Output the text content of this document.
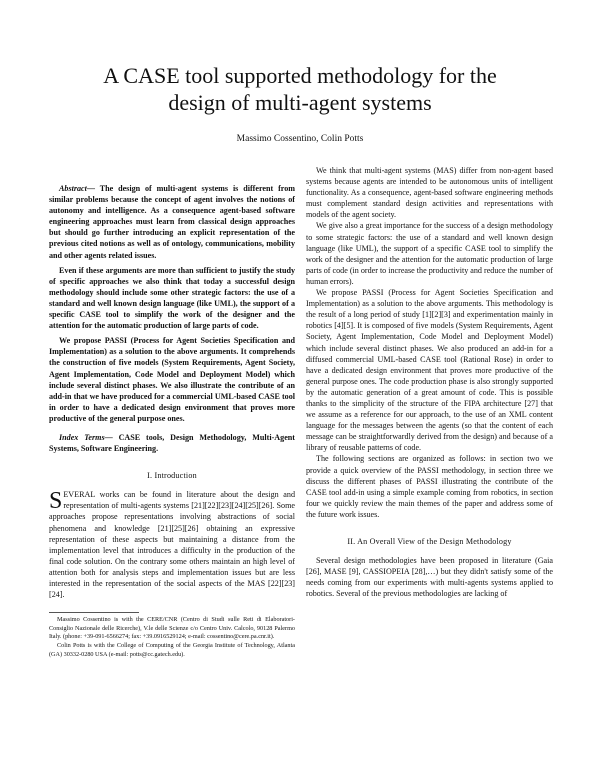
A CASE tool supported methodology for the
design of multi-agent systems
Massimo Cossentino, Colin Potts

Abstract— The design of multi-agent systems is different from similar problems because the concept of agent involves the notions of autonomy and intelligence. As a consequence agent-based software engineering approaches must learn from classical design approaches but should go further introducing an explicit representation of the previous cited notions as well as of ontology, communications, mobility and other agents related issues.

Even if these arguments are more than sufficient to justify the study of specific approaches we also think that today a successful design methodology should include some other strategic factors: the use of a standard and well known design language (like UML), the support of a specific CASE tool to simplify the work of the designer and the attention for the automatic production of large parts of code.

We propose PASSI (Process for Agent Societies Specification and Implementation) as a solution to the above arguments. It comprehends the construction of five models (System Requirements, Agent Society, Agent Implementation, Code Model and Deployment Model) which include several distinct phases. We also illustrate the contribute of an add-in that we have produced for a commercial UML-based CASE tool in order to have a dedicated design environment that proves more productive of the general purpose ones.

Index Terms— CASE tools, Design Methodology, Multi-Agent Systems, Software Engineering.

I. Introduction

SEVERAL works can be found in literature about the design and representation of multi-agents systems [21][22][23][24][25][26]. Some approaches propose representations involving abstractions of social phenomena and knowledge [21][25][26] obtaining an expressive representation of these aspects but maintaining a distance from the implementation level that introduces a difficulty in the production of the final code solution. On the contrary some others maintain an high level of attention both for analysis steps and implementation issues but are less interested in the representation of the social aspects of the MAS [22][23][24].

Massimo Cossentino is with the CERE/CNR (Centro di Studi sulle Reti di Elaboratori-Consiglio Nazionale delle Ricerche), V.le delle Scienze c/o Centro Univ. Calcolo, 90128 Palermo Italy. (phone: +39-091-6566274; fax: +39.0916529124; e-mail: cossentino@cere.pa.cnr.it).

Colin Potts is with the College of Computing of the Georgia Institute of Technology, Atlanta (GA) 30332-0280 USA (e-mail: potts@cc.gatech.edu).

We think that multi-agent systems (MAS) differ from non-agent based systems because agents are intended to be autonomous units of intelligent functionality. As a consequence, agent-based software engineering methods must complement standard design activities and representations with models of the agent society.

We give also a great importance for the success of a design methodology to some strategic factors: the use of a standard and well known design language (like UML), the support of a specific CASE tool to simplify the work of the designer and the attention for the automatic production of large parts of code (in order to increase the productivity and reduce the number of human errors).

We propose PASSI (Process for Agent Societies Specification and Implementation) as a solution to the above arguments. This methodology is the result of a long period of study [1][2][3] and experimentation mainly in robotics [4][5]. It is composed of five models (System Requirements, Agent Society, Agent Implementation, Code Model and Deployment Model) which include several distinct phases. We also produced an add-in for a diffused commercial UML-based CASE tool (Rational Rose) in order to have a dedicated design environment that proves more productive of the general purpose ones. The code production phase is also strongly supported by the automatic generation of a great amount of code. This is possible thanks to the simplicity of the structure of the FIPA architecture [27] that we assume as a reference for our approach, to the use of an XML content language for the messages between the agents (so that the content of each message can be straightforwardly derived from the design) and because of a library of reusable patterns of code.

The following sections are organized as follows: in section two we provide a quick overview of the PASSI methodology, in section three we discuss the different phases of PASSI illustrating the contribute of the CASE tool add-in using a simple example coming from robotics, in section four we quickly review the main themes of the paper and address some of the future work issues.

II. An Overall View of the Design Methodology

Several design methodologies have been proposed in literature (Gaia [26], MASE [9], CASSIOPEIA [28],…) but they didn't satisfy some of the needs coming from our experiments with multi-agents systems applied to robotics. Several of the previous methodologies are lacking of
